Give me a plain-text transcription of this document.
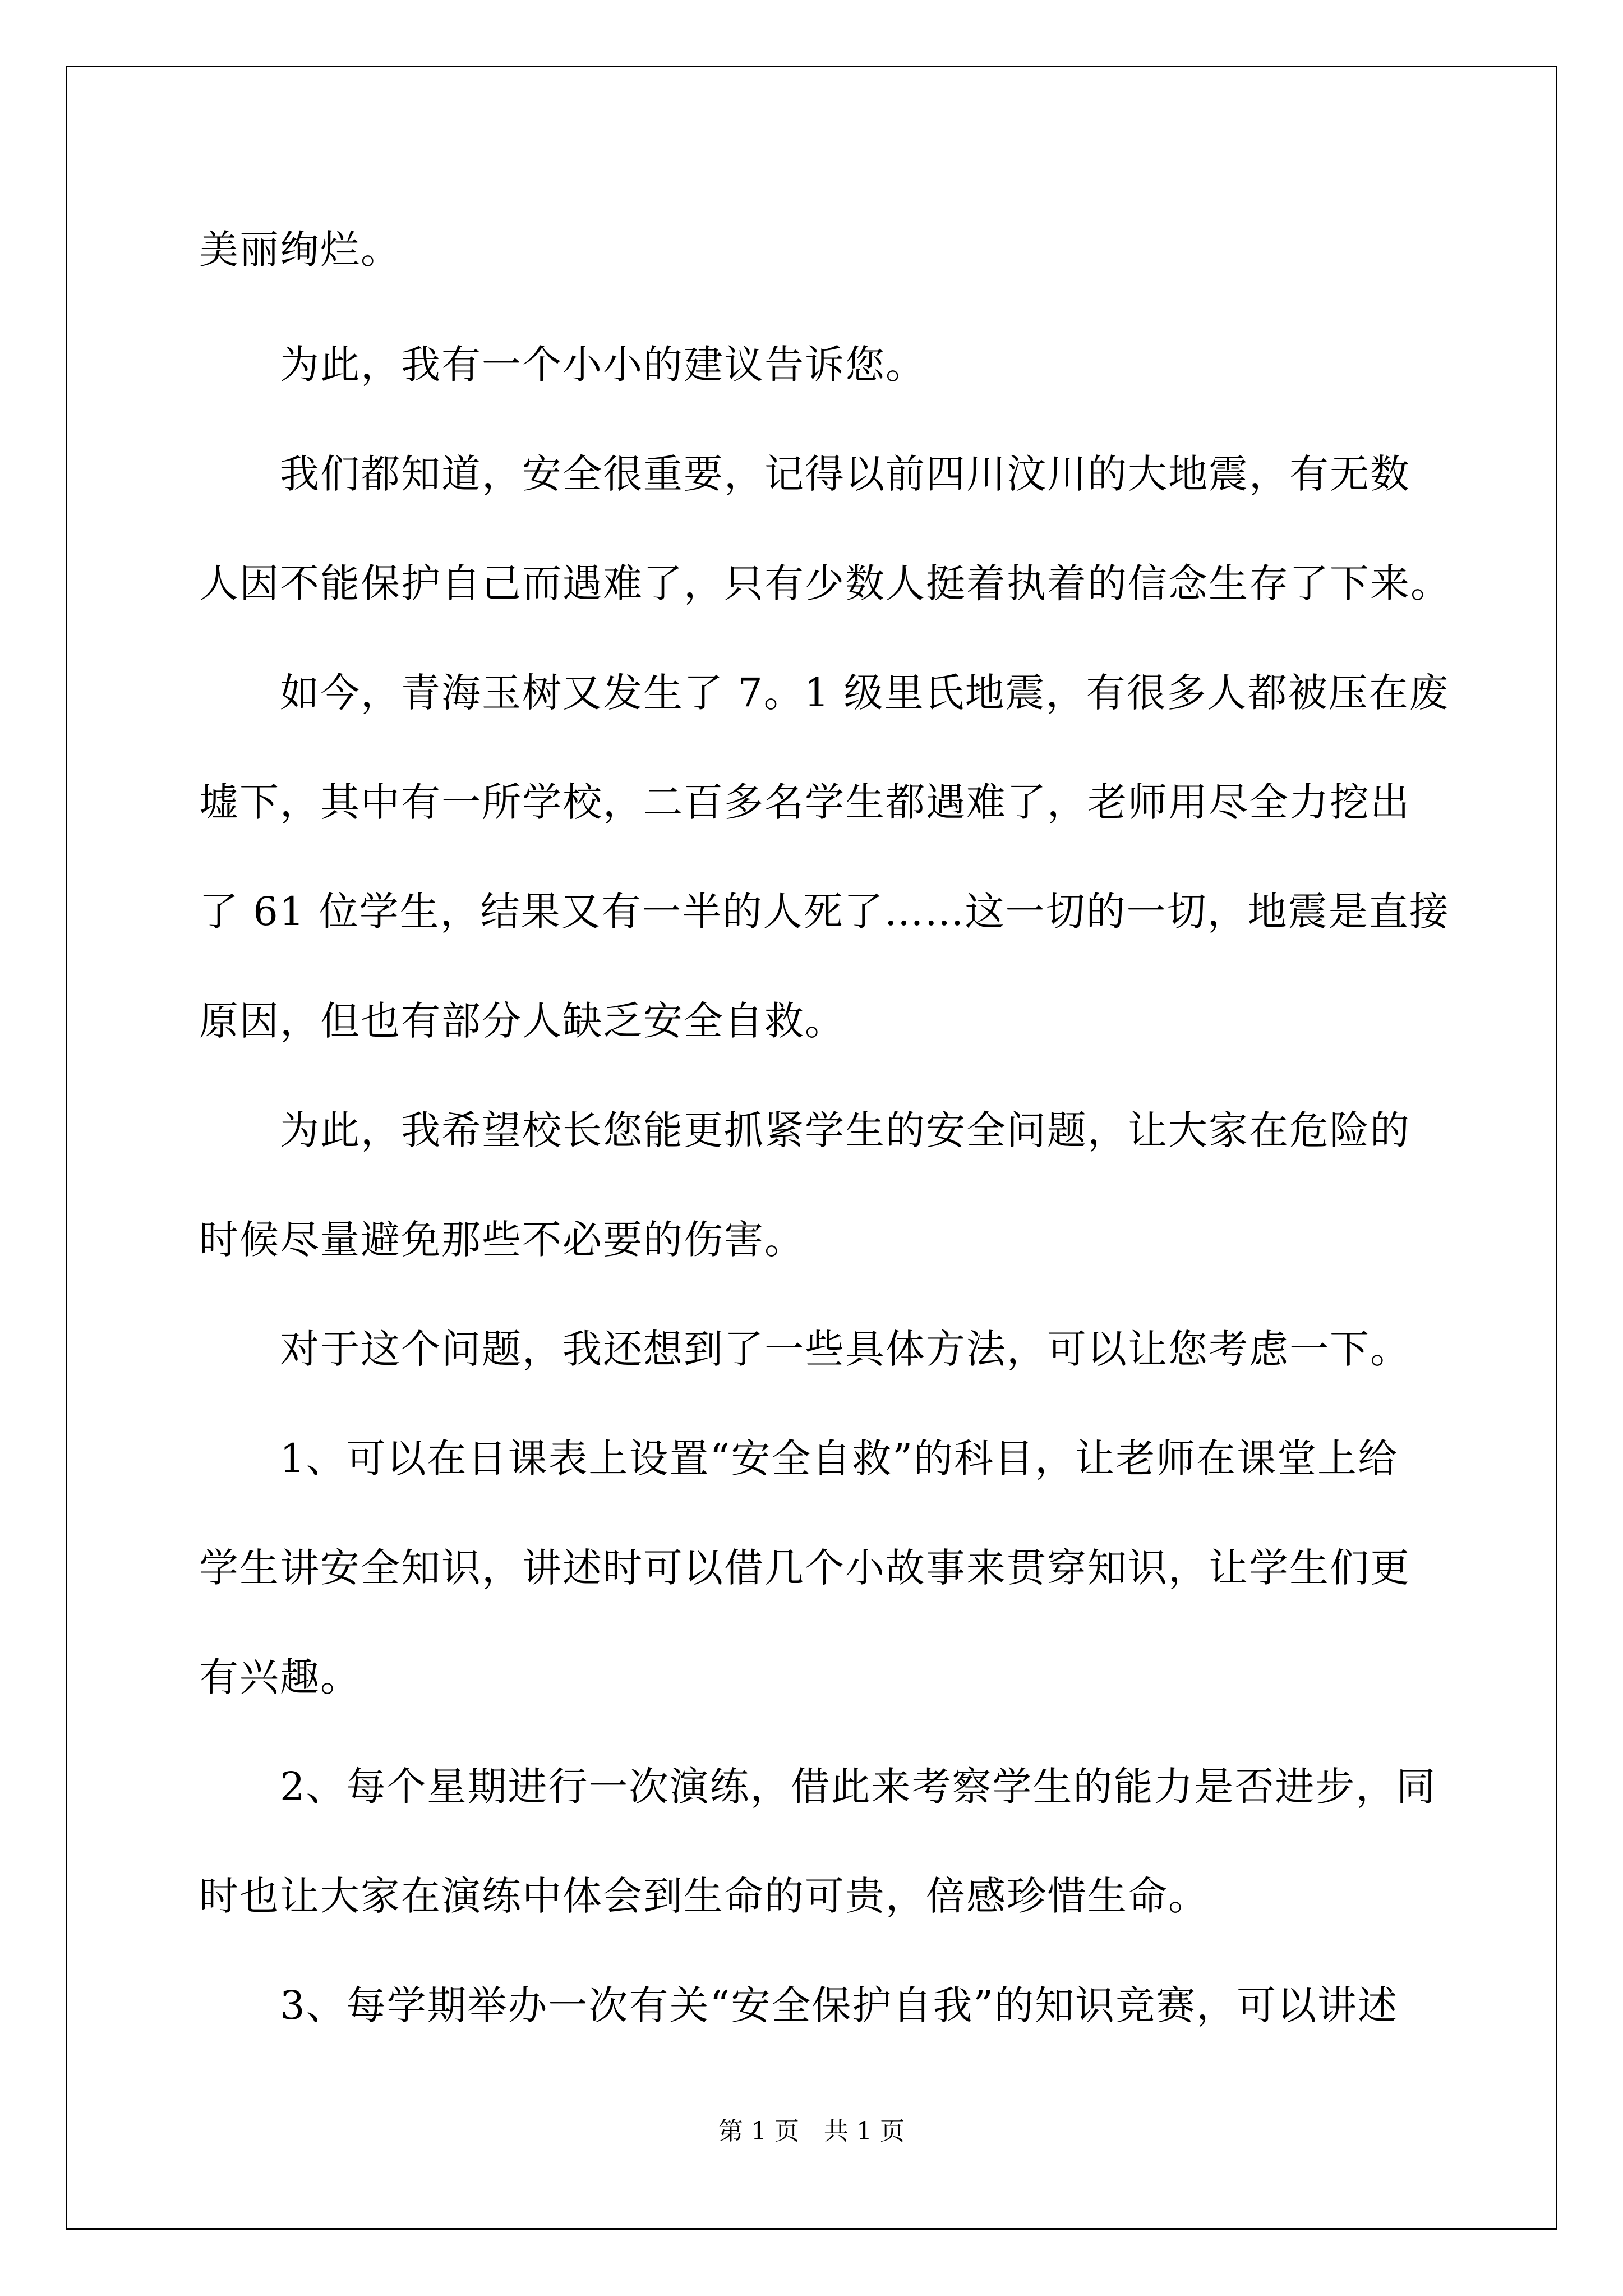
美丽绚烂。
　　为此，我有一个小小的建议告诉您。
　　我们都知道，安全很重要，记得以前四川汶川的大地震，有无数
人因不能保护自己而遇难了，只有少数人挺着执着的信念生存了下来。
　　如今，青海玉树又发生了 7。1 级里氏地震，有很多人都被压在废
墟下，其中有一所学校，二百多名学生都遇难了，老师用尽全力挖出
了 61 位学生，结果又有一半的人死了……这一切的一切，地震是直接
原因，但也有部分人缺乏安全自救。
　　为此，我希望校长您能更抓紧学生的安全问题，让大家在危险的
时候尽量避免那些不必要的伤害。
　　对于这个问题，我还想到了一些具体方法，可以让您考虑一下。
　　1、可以在日课表上设置“安全自救”的科目，让老师在课堂上给
学生讲安全知识，讲述时可以借几个小故事来贯穿知识，让学生们更
有兴趣。
　　2、每个星期进行一次演练，借此来考察学生的能力是否进步，同
时也让大家在演练中体会到生命的可贵，倍感珍惜生命。
　　3、每学期举办一次有关“安全保护自我”的知识竞赛，可以讲述
第 1 页　共 1 页
